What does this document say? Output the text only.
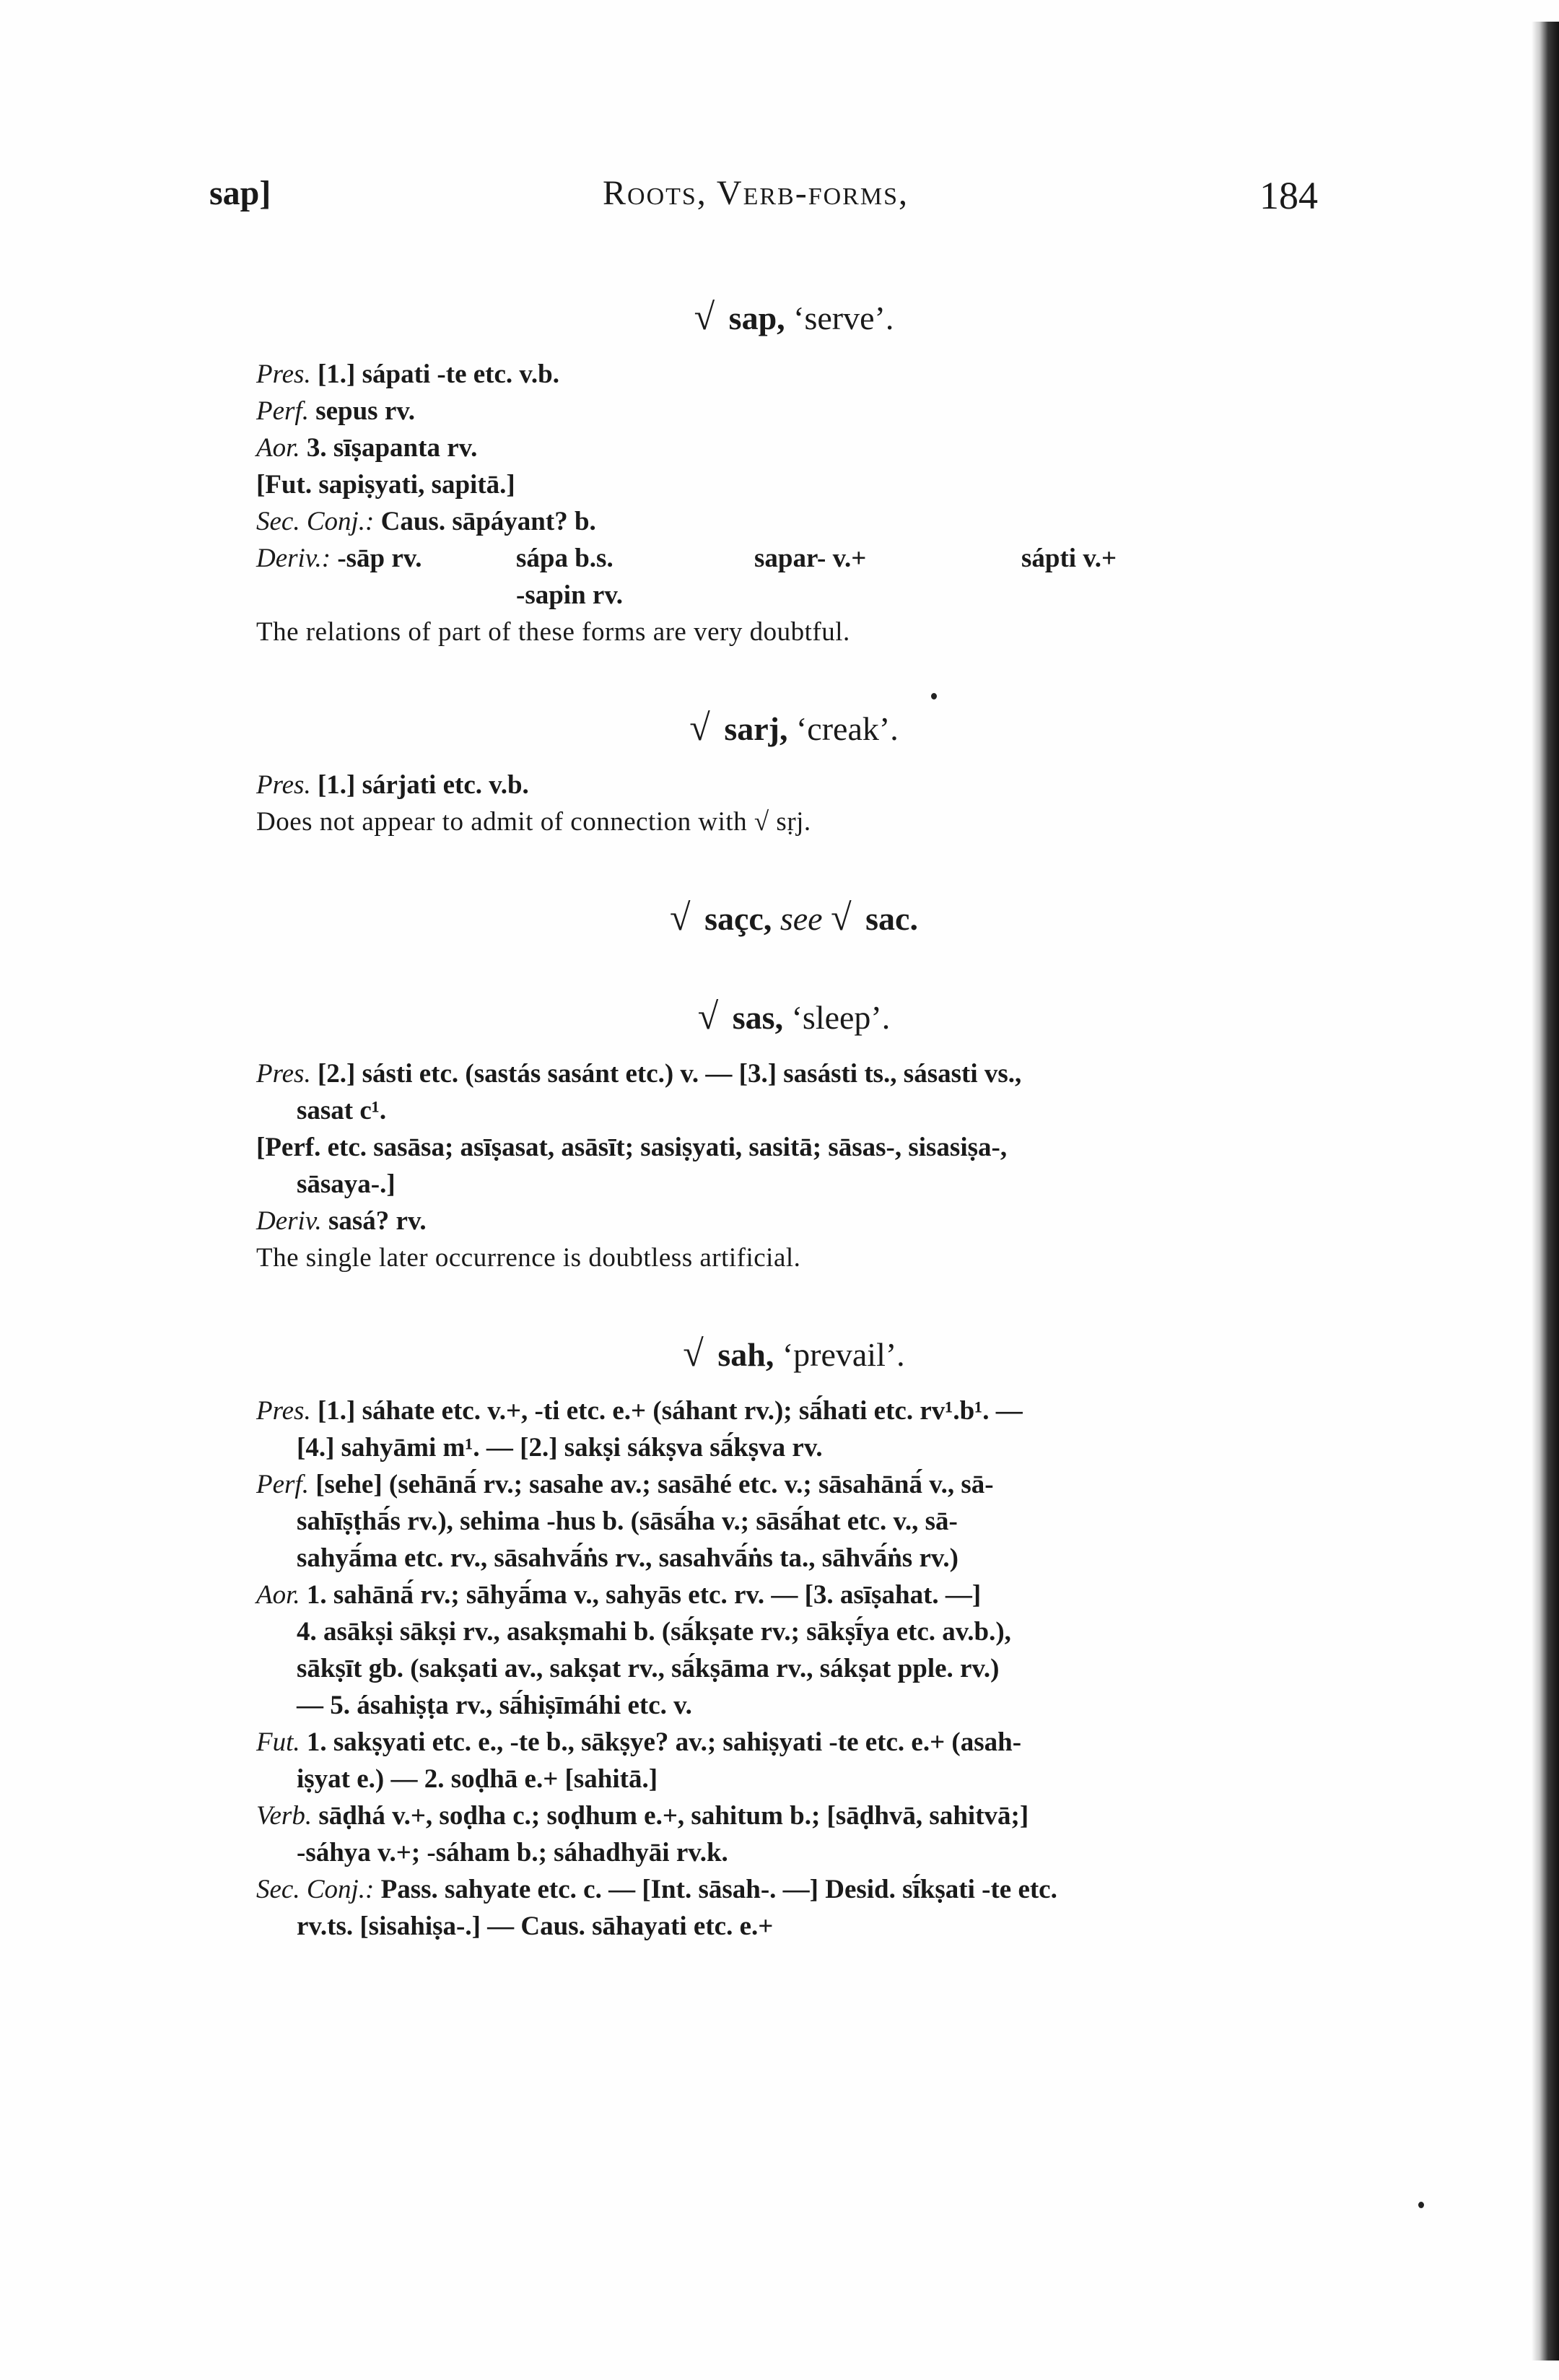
sap]	Roots, Verb-forms,	184
√ sap, ‘serve’.
Pres. [1.] sápati -te etc. v.b.
Perf. sepus rv.
Aor. 3. sīṣapanta rv.
[Fut. sapiṣyati, sapitā.]
Sec. Conj.: Caus. sāpáyant? b.
Deriv.: -sāp rv.	sápa b.s.	sapar- v.+	sápti v.+
-sapin rv.
The relations of part of these forms are very doubtful.
√ sarj, ‘creak’.
Pres. [1.] sárjati etc. v.b.
Does not appear to admit of connection with √ sṛj.
√ saçc, see √ sac.
√ sas, ‘sleep’.
Pres. [2.] sásti etc. (sastás sasánt etc.) v. — [3.] sasásti ts., sásasti vs.,
sasat c¹.
[Perf. etc. sasāsa; asīṣasat, asāsīt; sasiṣyati, sasitā; sāsas-, sisasiṣa-,
sāsaya-.]
Deriv. sasá? rv.
The single later occurrence is doubtless artificial.
√ sah, ‘prevail’.
Pres. [1.] sáhate etc. v.+, -ti etc. e.+ (sáhant rv.); sā́hati etc. rv¹.b¹. —
[4.] sahyāmi m¹. — [2.] sakṣi sákṣva sā́kṣva rv.
Perf. [sehe] (sehānā́ rv.; sasahe av.; sasāhé etc. v.; sāsahānā́ v., sā-
sahīṣṭhā́s rv.), sehima -hus b. (sāsā́ha v.; sāsā́hat etc. v., sā-
sahyā́ma etc. rv., sāsahvā́ṅs rv., sasahvā́ṅs ta., sāhvā́ṅs rv.)
Aor. 1. sahānā́ rv.; sāhyā́ma v., sahyās etc. rv. — [3. asīṣahat. —]
4. asākṣi sākṣi rv., asakṣmahi b. (sā́kṣate rv.; sākṣī́ya etc. av.b.),
sākṣīt gb. (sakṣati av., sakṣat rv., sā́kṣāma rv., sákṣat pple. rv.)
— 5. ásahiṣṭa rv., sā́hiṣīmáhi etc. v.
Fut. 1. sakṣyati etc. e., -te b., sākṣye? av.; sahiṣyati -te etc. e.+ (asah-
iṣyat e.) — 2. soḍhā e.+ [sahitā.]
Verb. sāḍhá v.+, soḍha c.; soḍhum e.+, sahitum b.; [sāḍhvā, sahitvā;]
-sáhya v.+; -sáham b.; sáhadhyāi rv.k.
Sec. Conj.: Pass. sahyate etc. c. — [Int. sāsah-. —] Desid. sī́kṣati -te etc.
rv.ts. [sisahiṣa-.] — Caus. sāhayati etc. e.+
